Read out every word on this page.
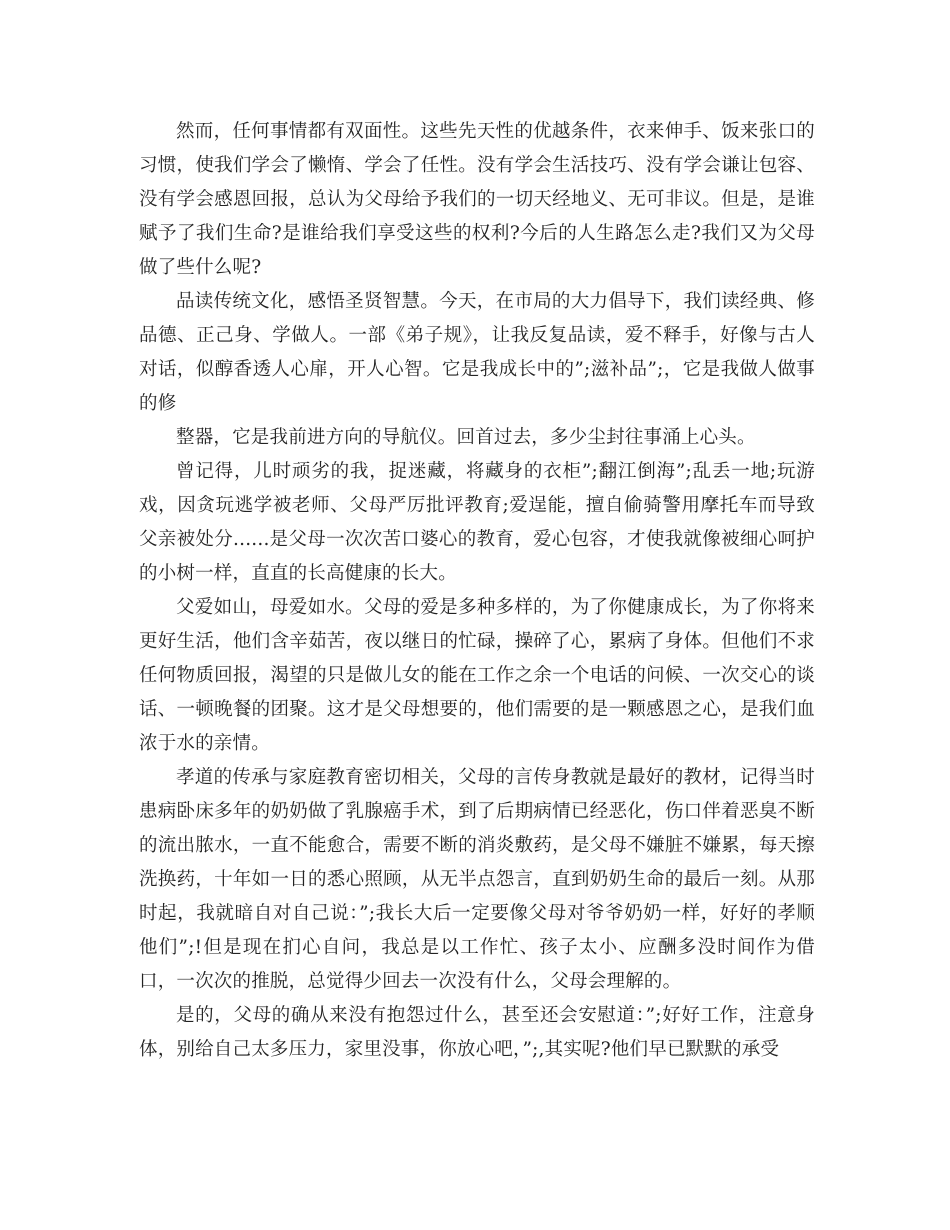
然而，任何事情都有双面性。这些先天性的优越条件，衣来伸手、饭来张口的习惯，使我们学会了懒惰、学会了任性。没有学会生活技巧、没有学会谦让包容、没有学会感恩回报，总认为父母给予我们的一切天经地义、无可非议。但是，是谁赋予了我们生命?是谁给我们享受这些的权利?今后的人生路怎么走?我们又为父母做了些什么呢?

品读传统文化，感悟圣贤智慧。今天，在市局的大力倡导下，我们读经典、修品德、正己身、学做人。一部《弟子规》，让我反复品读，爱不释手，好像与古人对话，似醇香透人心扉，开人心智。它是我成长中的”;滋补品”;，它是我做人做事的修

整器，它是我前进方向的导航仪。回首过去，多少尘封往事涌上心头。

曾记得，儿时顽劣的我，捉迷藏，将藏身的衣柜”;翻江倒海”;乱丢一地;玩游戏，因贪玩逃学被老师、父母严厉批评教育;爱逞能，擅自偷骑警用摩托车而导致父亲被处分......是父母一次次苦口婆心的教育，爱心包容，才使我就像被细心呵护的小树一样，直直的长高健康的长大。

父爱如山，母爱如水。父母的爱是多种多样的，为了你健康成长，为了你将来更好生活，他们含辛茹苦，夜以继日的忙碌，操碎了心，累病了身体。但他们不求任何物质回报，渴望的只是做儿女的能在工作之余一个电话的问候、一次交心的谈话、一顿晚餐的团聚。这才是父母想要的，他们需要的是一颗感恩之心，是我们血浓于水的亲情。

孝道的传承与家庭教育密切相关，父母的言传身教就是最好的教材，记得当时患病卧床多年的奶奶做了乳腺癌手术，到了后期病情已经恶化，伤口伴着恶臭不断的流出脓水，一直不能愈合，需要不断的消炎敷药，是父母不嫌脏不嫌累，每天擦洗换药，十年如一日的悉心照顾，从无半点怨言，直到奶奶生命的最后一刻。从那时起，我就暗自对自己说：”;我长大后一定要像父母对爷爷奶奶一样，好好的孝顺他们”;!但是现在扪心自问，我总是以工作忙、孩子太小、应酬多没时间作为借口，一次次的推脱，总觉得少回去一次没有什么，父母会理解的。

是的，父母的确从来没有抱怨过什么，甚至还会安慰道：”;好好工作，注意身体，别给自己太多压力，家里没事，你放心吧，”;,其实呢?他们早已默默的承受
